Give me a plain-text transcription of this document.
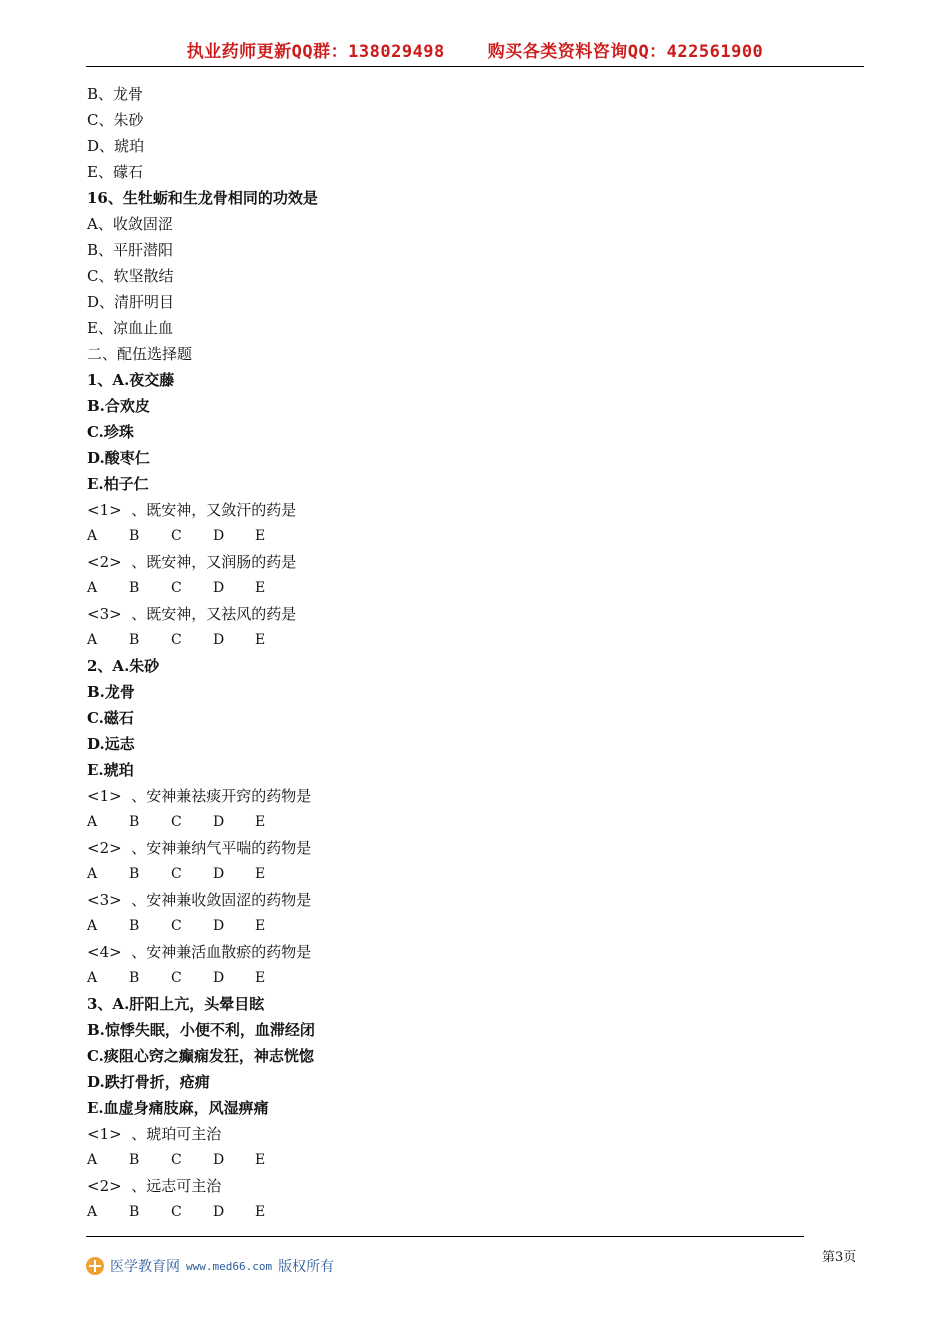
执业药师更新QQ群：138029498    购买各类资料咨询QQ：422561900
B、龙骨
C、朱砂
D、琥珀
E、礞石
16、生牡蛎和生龙骨相同的功效是
A、收敛固涩
B、平肝潜阳
C、软坚散结
D、清肝明目
E、凉血止血
二、配伍选择题
1、A.夜交藤
B.合欢皮
C.珍珠
D.酸枣仁
E.柏子仁
<1>  、既安神，又敛汗的药是
A	B	C	D	E
<2>  、既安神，又润肠的药是
A	B	C	D	E
<3>  、既安神，又祛风的药是
A	B	C	D	E
2、A.朱砂
B.龙骨
C.磁石
D.远志
E.琥珀
<1>  、安神兼祛痰开窍的药物是
A	B	C	D	E
<2>  、安神兼纳气平喘的药物是
A	B	C	D	E
<3>  、安神兼收敛固涩的药物是
A	B	C	D	E
<4>  、安神兼活血散瘀的药物是
A	B	C	D	E
3、A.肝阳上亢，头晕目眩
B.惊悸失眠，小便不利，血滞经闭
C.痰阻心窍之癫痫发狂，神志恍惚
D.跌打骨折，疮痈
E.血虚身痛肢麻，风湿痹痛
<1>  、琥珀可主治
A	B	C	D	E
<2>  、远志可主治
A	B	C	D	E
第3页
医学教育网 www.med66.com 版权所有
